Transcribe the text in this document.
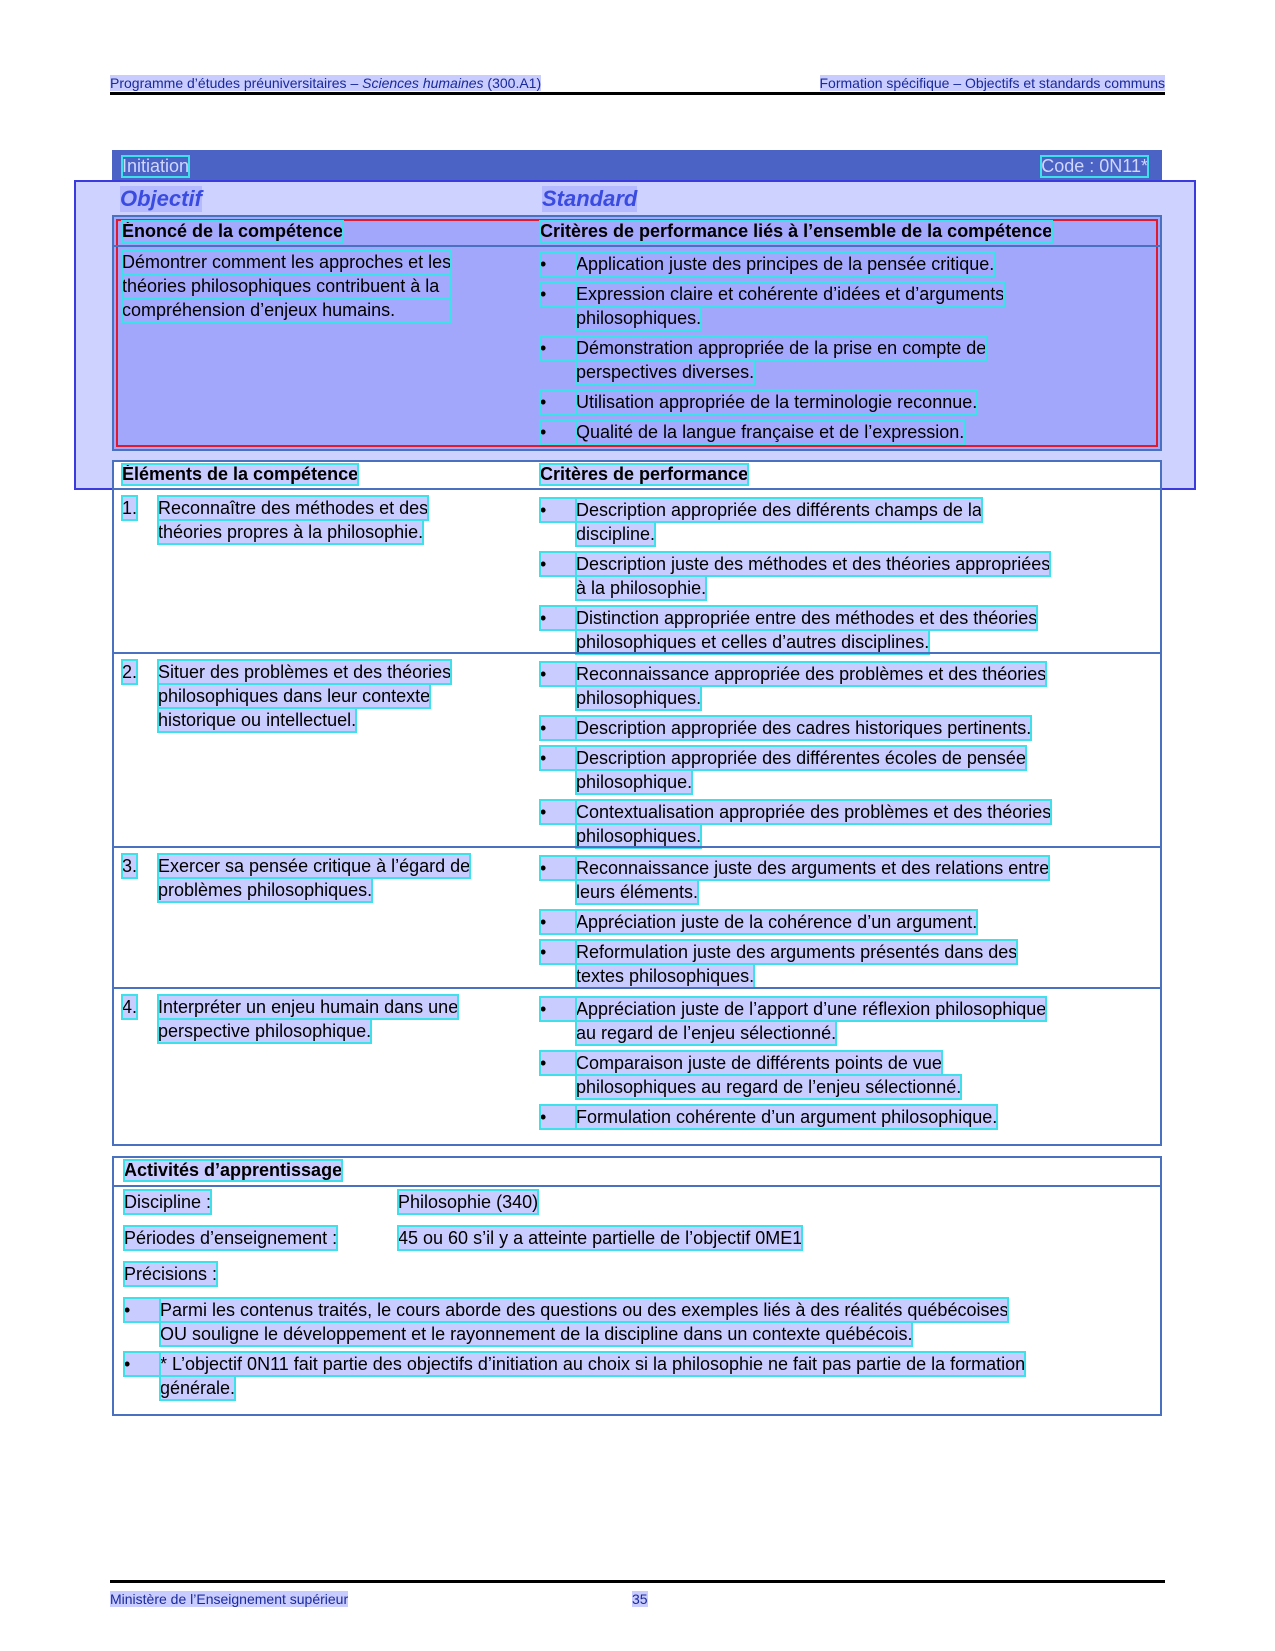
Programme d’études préuniversitaires – Sciences humaines (300.A1)	Formation spécifique – Objectifs et standards communs
Initiation	Code : 0N11*
Objectif	Standard
Énoncé de la compétence	Critères de performance liés à l’ensemble de la compétence
Démontrer comment les approches et les
théories philosophiques contribuent à la
compréhension d’enjeux humains.
•	Application juste des principes de la pensée critique.
•	Expression claire et cohérente d’idées et d’arguments
philosophiques.
•	Démonstration appropriée de la prise en compte de
perspectives diverses.
•	Utilisation appropriée de la terminologie reconnue.
•	Qualité de la langue française et de l’expression.
Éléments de la compétence	Critères de performance
1. Reconnaître des méthodes et des
théories propres à la philosophie.
•	Description appropriée des différents champs de la
discipline.
•	Description juste des méthodes et des théories appropriées
à la philosophie.
•	Distinction appropriée entre des méthodes et des théories
philosophiques et celles d’autres disciplines.
2. Situer des problèmes et des théories
philosophiques dans leur contexte
historique ou intellectuel.
•	Reconnaissance appropriée des problèmes et des théories
philosophiques.
•	Description appropriée des cadres historiques pertinents.
•	Description appropriée des différentes écoles de pensée
philosophique.
•	Contextualisation appropriée des problèmes et des théories
philosophiques.
3. Exercer sa pensée critique à l’égard de
problèmes philosophiques.
•	Reconnaissance juste des arguments et des relations entre
leurs éléments.
•	Appréciation juste de la cohérence d’un argument.
•	Reformulation juste des arguments présentés dans des
textes philosophiques.
4. Interpréter un enjeu humain dans une
perspective philosophique.
•	Appréciation juste de l’apport d’une réflexion philosophique
au regard de l’enjeu sélectionné.
•	Comparaison juste de différents points de vue
philosophiques au regard de l’enjeu sélectionné.
•	Formulation cohérente d’un argument philosophique.
Activités d’apprentissage
Discipline :	Philosophie (340)
Périodes d’enseignement :	45 ou 60 s’il y a atteinte partielle de l’objectif 0ME1
Précisions :
•	Parmi les contenus traités, le cours aborde des questions ou des exemples liés à des réalités québécoises
OU souligne le développement et le rayonnement de la discipline dans un contexte québécois.
•	* L’objectif 0N11 fait partie des objectifs d’initiation au choix si la philosophie ne fait pas partie de la formation
générale.
Ministère de l’Enseignement supérieur	35
